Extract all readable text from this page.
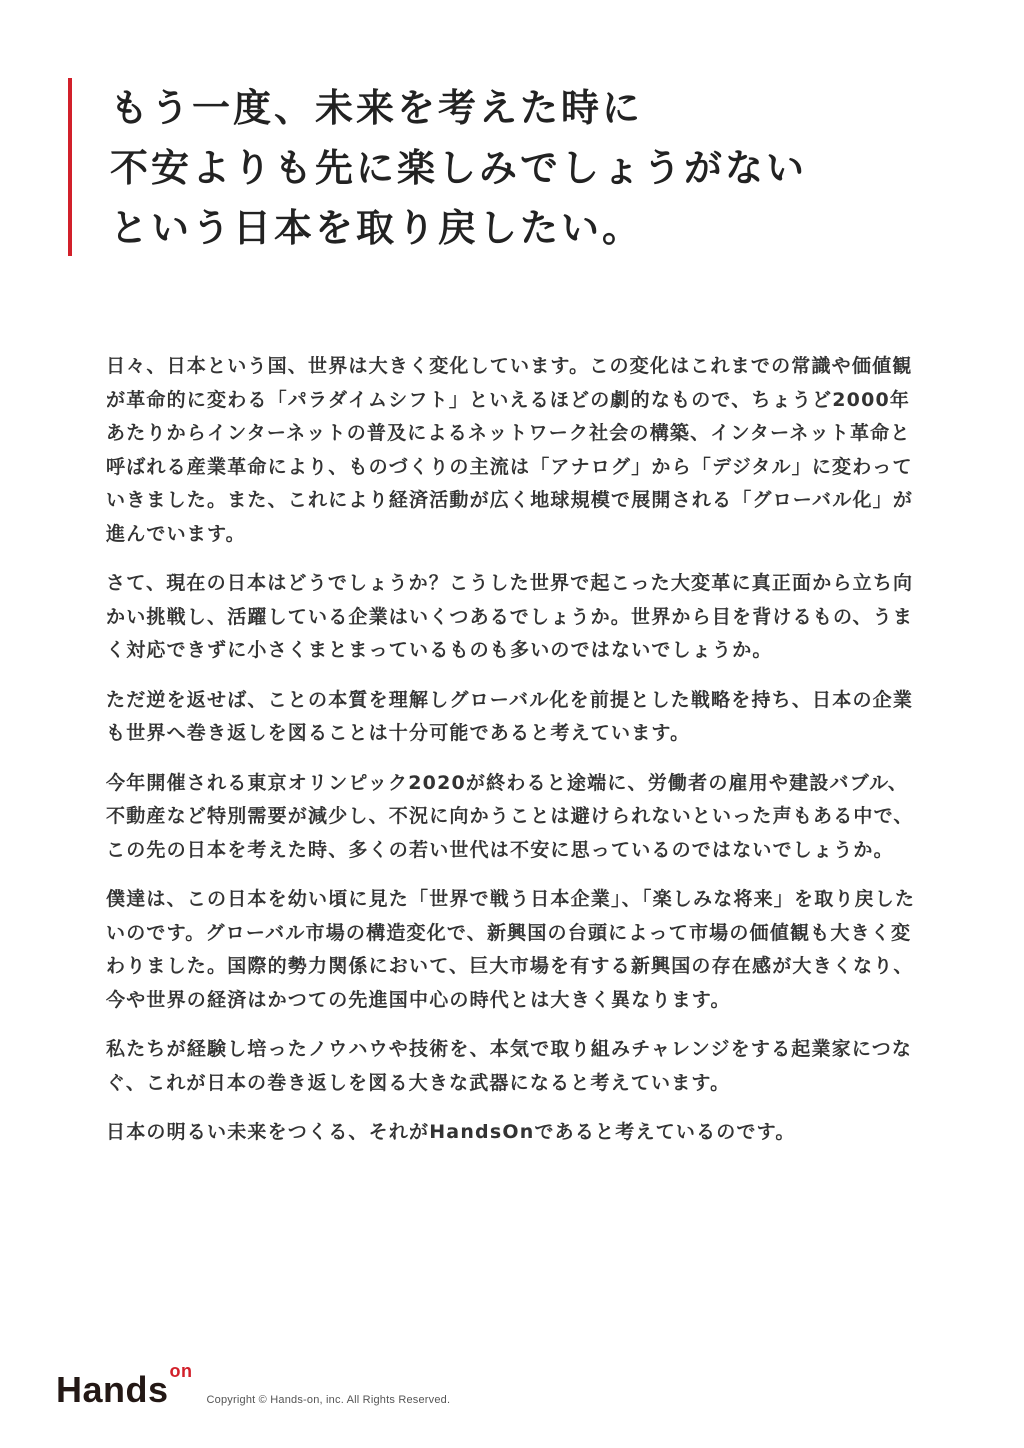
もう一度、未来を考えた時に
不安よりも先に楽しみでしょうがない
という日本を取り戻したい。

日々、日本という国、世界は大きく変化しています。この変化はこれまでの常識や価値観が革命的に変わる「パラダイムシフト」といえるほどの劇的なもので、ちょうど2000年あたりからインターネットの普及によるネットワーク社会の構築、インターネット革命と呼ばれる産業革命により、ものづくりの主流は「アナログ」から「デジタル」に変わっていきました。また、これにより経済活動が広く地球規模で展開される「グローバル化」が進んでいます。

さて、現在の日本はどうでしょうか？こうした世界で起こった大変革に真正面から立ち向かい挑戦し、活躍している企業はいくつあるでしょうか。世界から目を背けるもの、うまく対応できずに小さくまとまっているものも多いのではないでしょうか。

ただ逆を返せば、ことの本質を理解しグローバル化を前提とした戦略を持ち、日本の企業も世界へ巻き返しを図ることは十分可能であると考えています。

今年開催される東京オリンピック2020が終わると途端に、労働者の雇用や建設バブル、不動産など特別需要が減少し、不況に向かうことは避けられないといった声もある中で、この先の日本を考えた時、多くの若い世代は不安に思っているのではないでしょうか。

僕達は、この日本を幼い頃に見た「世界で戦う日本企業」、「楽しみな将来」を取り戻したいのです。グローバル市場の構造変化で、新興国の台頭によって市場の価値観も大きく変わりました。国際的勢力関係において、巨大市場を有する新興国の存在感が大きくなり、今や世界の経済はかつての先進国中心の時代とは大きく異なります。

私たちが経験し培ったノウハウや技術を、本気で取り組みチャレンジをする起業家につなぐ、これが日本の巻き返しを図る大きな武器になると考えています。

日本の明るい未来をつくる、それがHandsOnであると考えているのです。

Hands on
Copyright © Hands-on, inc. All Rights Reserved.
